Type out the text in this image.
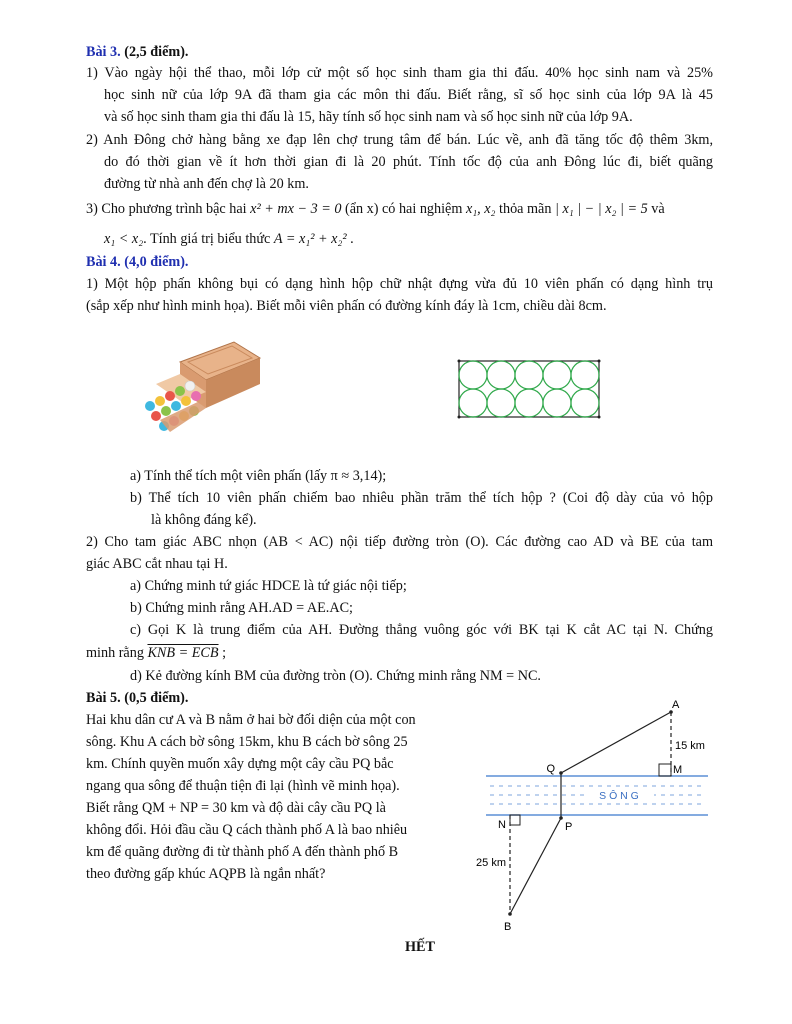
Bài 3. (2,5 điểm).
1) Vào ngày hội thể thao, mỗi lớp cử một số học sinh tham gia thi đấu. 40% học sinh nam và 25%
học sinh nữ của lớp 9A đã tham gia các môn thi đấu. Biết rằng, sĩ số học sinh của lớp 9A là 45
và số học sinh tham gia thi đấu là 15, hãy tính số học sinh nam và số học sinh nữ của lớp 9A.
2) Anh Đông chở hàng bằng xe đạp lên chợ trung tâm để bán. Lúc về, anh đã tăng tốc độ thêm 3km,
do đó thời gian về ít hơn thời gian đi là 20 phút. Tính tốc độ của anh Đông lúc đi, biết quãng
đường từ nhà anh đến chợ là 20 km.
3) Cho phương trình bậc hai x² + mx − 3 = 0 (ẩn x) có hai nghiệm x₁, x₂ thỏa mãn | x₁ | − | x₂ | = 5 và
x₁ < x₂. Tính giá trị biểu thức A = x₁² + x₂² .
Bài 4. (4,0 điểm).
1) Một hộp phấn không bụi có dạng hình hộp chữ nhật đựng vừa đủ 10 viên phấn có dạng hình trụ
(sắp xếp như hình minh họa). Biết mỗi viên phấn có đường kính đáy là 1cm, chiều dài 8cm.
a) Tính thể tích một viên phấn (lấy π ≈ 3,14);
b) Thể tích 10 viên phấn chiếm bao nhiêu phần trăm thể tích hộp ? (Coi độ dày của vỏ hộp
là không đáng kể).
2) Cho tam giác ABC nhọn (AB < AC) nội tiếp đường tròn (O). Các đường cao AD và BE của tam
giác ABC cắt nhau tại H.
a) Chứng minh tứ giác HDCE là tứ giác nội tiếp;
b) Chứng minh rằng AH.AD = AE.AC;
c) Gọi K là trung điểm của AH. Đường thẳng vuông góc với BK tại K cắt AC tại N. Chứng
minh rằng KNB = ECB ;
d) Kẻ đường kính BM của đường tròn (O). Chứng minh rằng NM = NC.
Bài 5. (0,5 điểm).
Hai khu dân cư A và B nằm ở hai bờ đối diện của một con
sông. Khu A cách bờ sông 15km, khu B cách bờ sông 25
km. Chính quyền muốn xây dựng một cây cầu PQ bắc
ngang qua sông để thuận tiện đi lại (hình vẽ minh họa).
Biết rằng QM + NP = 30 km và độ dài cây cầu PQ là
không đổi. Hỏi đầu cầu Q cách thành phố A là bao nhiêu
km để quãng đường đi từ thành phố A đến thành phố B
theo đường gấp khúc AQPB là ngắn nhất?
S Ô N G
A
Q	M
N	P
B
15 km
25 km
HẾT
